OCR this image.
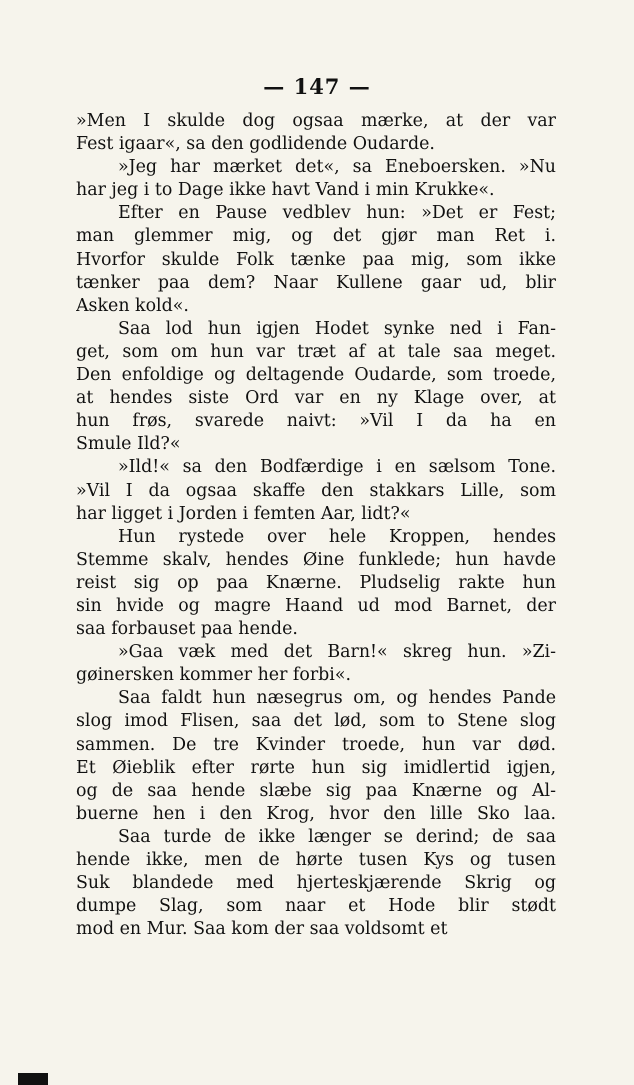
— 147 —
»Men I skulde dog ogsaa mærke, at der var
Fest igaar«, sa den godlidende Oudarde.
»Jeg har mærket det«, sa Eneboersken. »Nu
har jeg i to Dage ikke havt Vand i min Krukke«.
Efter en Pause vedblev hun: »Det er Fest;
man glemmer mig, og det gjør man Ret i.
Hvorfor skulde Folk tænke paa mig, som ikke
tænker paa dem? Naar Kullene gaar ud, blir
Asken kold«.
Saa lod hun igjen Hodet synke ned i Fan-
get, som om hun var træt af at tale saa meget.
Den enfoldige og deltagende Oudarde, som troede,
at hendes siste Ord var en ny Klage over, at
hun frøs, svarede naivt: »Vil I da ha en
Smule Ild?«
»Ild!« sa den Bodfærdige i en sælsom Tone.
»Vil I da ogsaa skaffe den stakkars Lille, som
har ligget i Jorden i femten Aar, lidt?«
Hun rystede over hele Kroppen, hendes
Stemme skalv, hendes Øine funklede; hun havde
reist sig op paa Knærne. Pludselig rakte hun
sin hvide og magre Haand ud mod Barnet, der
saa forbauset paa hende.
»Gaa væk med det Barn!« skreg hun. »Zi-
gøinersken kommer her forbi«.
Saa faldt hun næsegrus om, og hendes Pande
slog imod Flisen, saa det lød, som to Stene slog
sammen. De tre Kvinder troede, hun var død.
Et Øieblik efter rørte hun sig imidlertid igjen,
og de saa hende slæbe sig paa Knærne og Al-
buerne hen i den Krog, hvor den lille Sko laa.
Saa turde de ikke længer se derind; de saa
hende ikke, men de hørte tusen Kys og tusen
Suk blandede med hjerteskjærende Skrig og
dumpe Slag, som naar et Hode blir stødt
mod en Mur. Saa kom der saa voldsomt et
